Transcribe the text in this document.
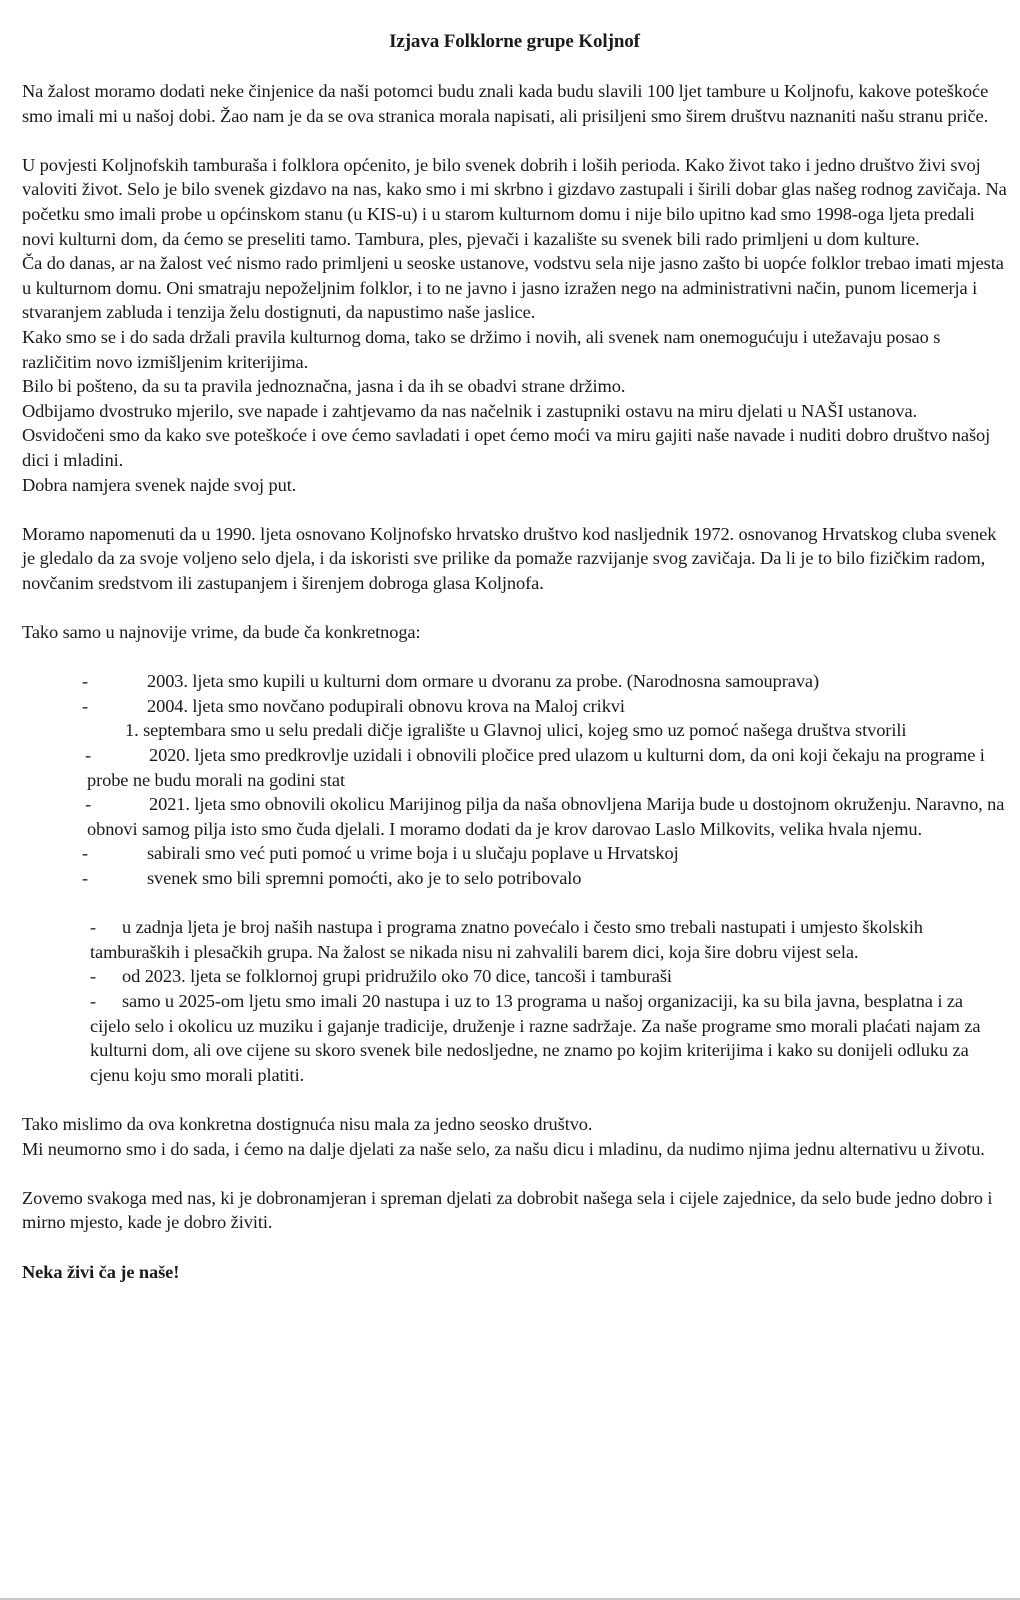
Izjava Folklorne grupe Koljnof

Na žalost moramo dodati neke činjenice da naši potomci budu znali kada budu slavili 100 ljet tambure u Koljnofu, kakove poteškoće smo imali mi u našoj dobi. Žao nam je da se ova stranica morala napisati, ali prisiljeni smo širem društvu naznaniti našu stranu priče.

U povjesti Koljnofskih tamburaša i folklora općenito, je bilo svenek dobrih i loših perioda. Kako život tako i jedno društvo živi svoj valoviti život. Selo je bilo svenek gizdavo na nas, kako smo i mi skrbno i gizdavo zastupali i širili dobar glas našeg rodnog zavičaja. Na početku smo imali probe u općinskom stanu (u KIS-u) i u starom kulturnom domu i nije bilo upitno kad smo 1998-oga ljeta predali novi kulturni dom, da ćemo se preseliti tamo. Tambura, ples, pjevači i kazalište su svenek bili rado primljeni u dom kulture.

Ča do danas, ar na žalost već nismo rado primljeni u seoske ustanove, vodstvu sela nije jasno zašto bi uopće folklor trebao imati mjesta u kulturnom domu. Oni smatraju nepoželjnim folklor, i to ne javno i jasno izražen nego na administrativni način, punom licemerja i stvaranjem zabluda i tenzija želu dostignuti, da napustimo naše jaslice.

Kako smo se i do sada držali pravila kulturnog doma, tako se držimo i novih, ali svenek nam onemogućuju i utežavaju posao s različitim novo izmišljenim kriterijima.

Bilo bi pošteno, da su ta pravila jednoznačna, jasna i da ih se obadvi strane držimo.

Odbijamo dvostruko mjerilo, sve napade i zahtjevamo da nas načelnik i zastupniki ostavu na miru djelati u NAŠI ustanova.

Osvidočeni smo da kako sve poteškoće i ove ćemo savladati i opet ćemo moći va miru gajiti naše navade i nuditi dobro društvo našoj dici i mladini.

Dobra namjera svenek najde svoj put.

Moramo napomenuti da u 1990. ljeta osnovano Koljnofsko hrvatsko društvo kod nasljednik 1972. osnovanog Hrvatskog cluba svenek je gledalo da za svoje voljeno selo djela, i da iskoristi sve prilike da pomaže razvijanje svog zavičaja. Da li je to bilo fizičkim radom, novčanim sredstvom ili zastupanjem i širenjem dobroga glasa Koljnofa.

Tako samo u najnovije vrime, da bude ča konkretnoga:

-	2003. ljeta smo kupili u kulturni dom ormare u dvoranu za probe. (Narodnosna samouprava)
-	2004. ljeta smo novčano podupirali obnovu krova na Maloj crikvi
1. septembara smo u selu predali dičje igralište u Glavnoj ulici, kojeg smo uz pomoć našega društva stvorili
-	2020. ljeta smo predkrovlje uzidali i obnovili pločice pred ulazom u kulturni dom, da oni koji čekaju na programe i probe ne budu morali na godini stat
-	2021. ljeta smo obnovili okolicu Marijinog pilja da naša obnovljena Marija bude u dostojnom okruženju. Naravno, na obnovi samog pilja isto smo čuda djelali. I moramo dodati da je krov darovao Laslo Milkovits, velika hvala njemu.
-	sabirali smo već puti pomoć u vrime boja i u slučaju poplave u Hrvatskoj
-	svenek smo bili spremni pomoćti, ako je to selo potribovalo
- u zadnja ljeta je broj naših nastupa i programa znatno povećalo i često smo trebali nastupati i umjesto školskih tamburaških i plesačkih grupa. Na žalost se nikada nisu ni zahvalili barem dici, koja šire dobru vijest sela.
- od 2023. ljeta se folklornoj grupi pridružilo oko 70 dice, tancoši i tamburaši
- samo u 2025-om ljetu smo imali 20 nastupa i uz to 13 programa u našoj organizaciji, ka su bila javna, besplatna i za cijelo selo i okolicu uz muziku i gajanje tradicije, druženje i razne sadržaje. Za naše programe smo morali plaćati najam za kulturni dom, ali ove cijene su skoro svenek bile nedosljedne, ne znamo po kojim kriterijima i kako su donijeli odluku za cjenu koju smo morali platiti.

Tako mislimo da ova konkretna dostignuća nisu mala za jedno seosko društvo.

Mi neumorno smo i do sada, i ćemo na dalje djelati za naše selo, za našu dicu i mladinu, da nudimo njima jednu alternativu u životu.

Zovemo svakoga med nas, ki je dobronamjeran i spreman djelati za dobrobit našega sela i cijele zajednice, da selo bude jedno dobro i mirno mjesto, kade je dobro živiti.

Neka živi ča je naše!
